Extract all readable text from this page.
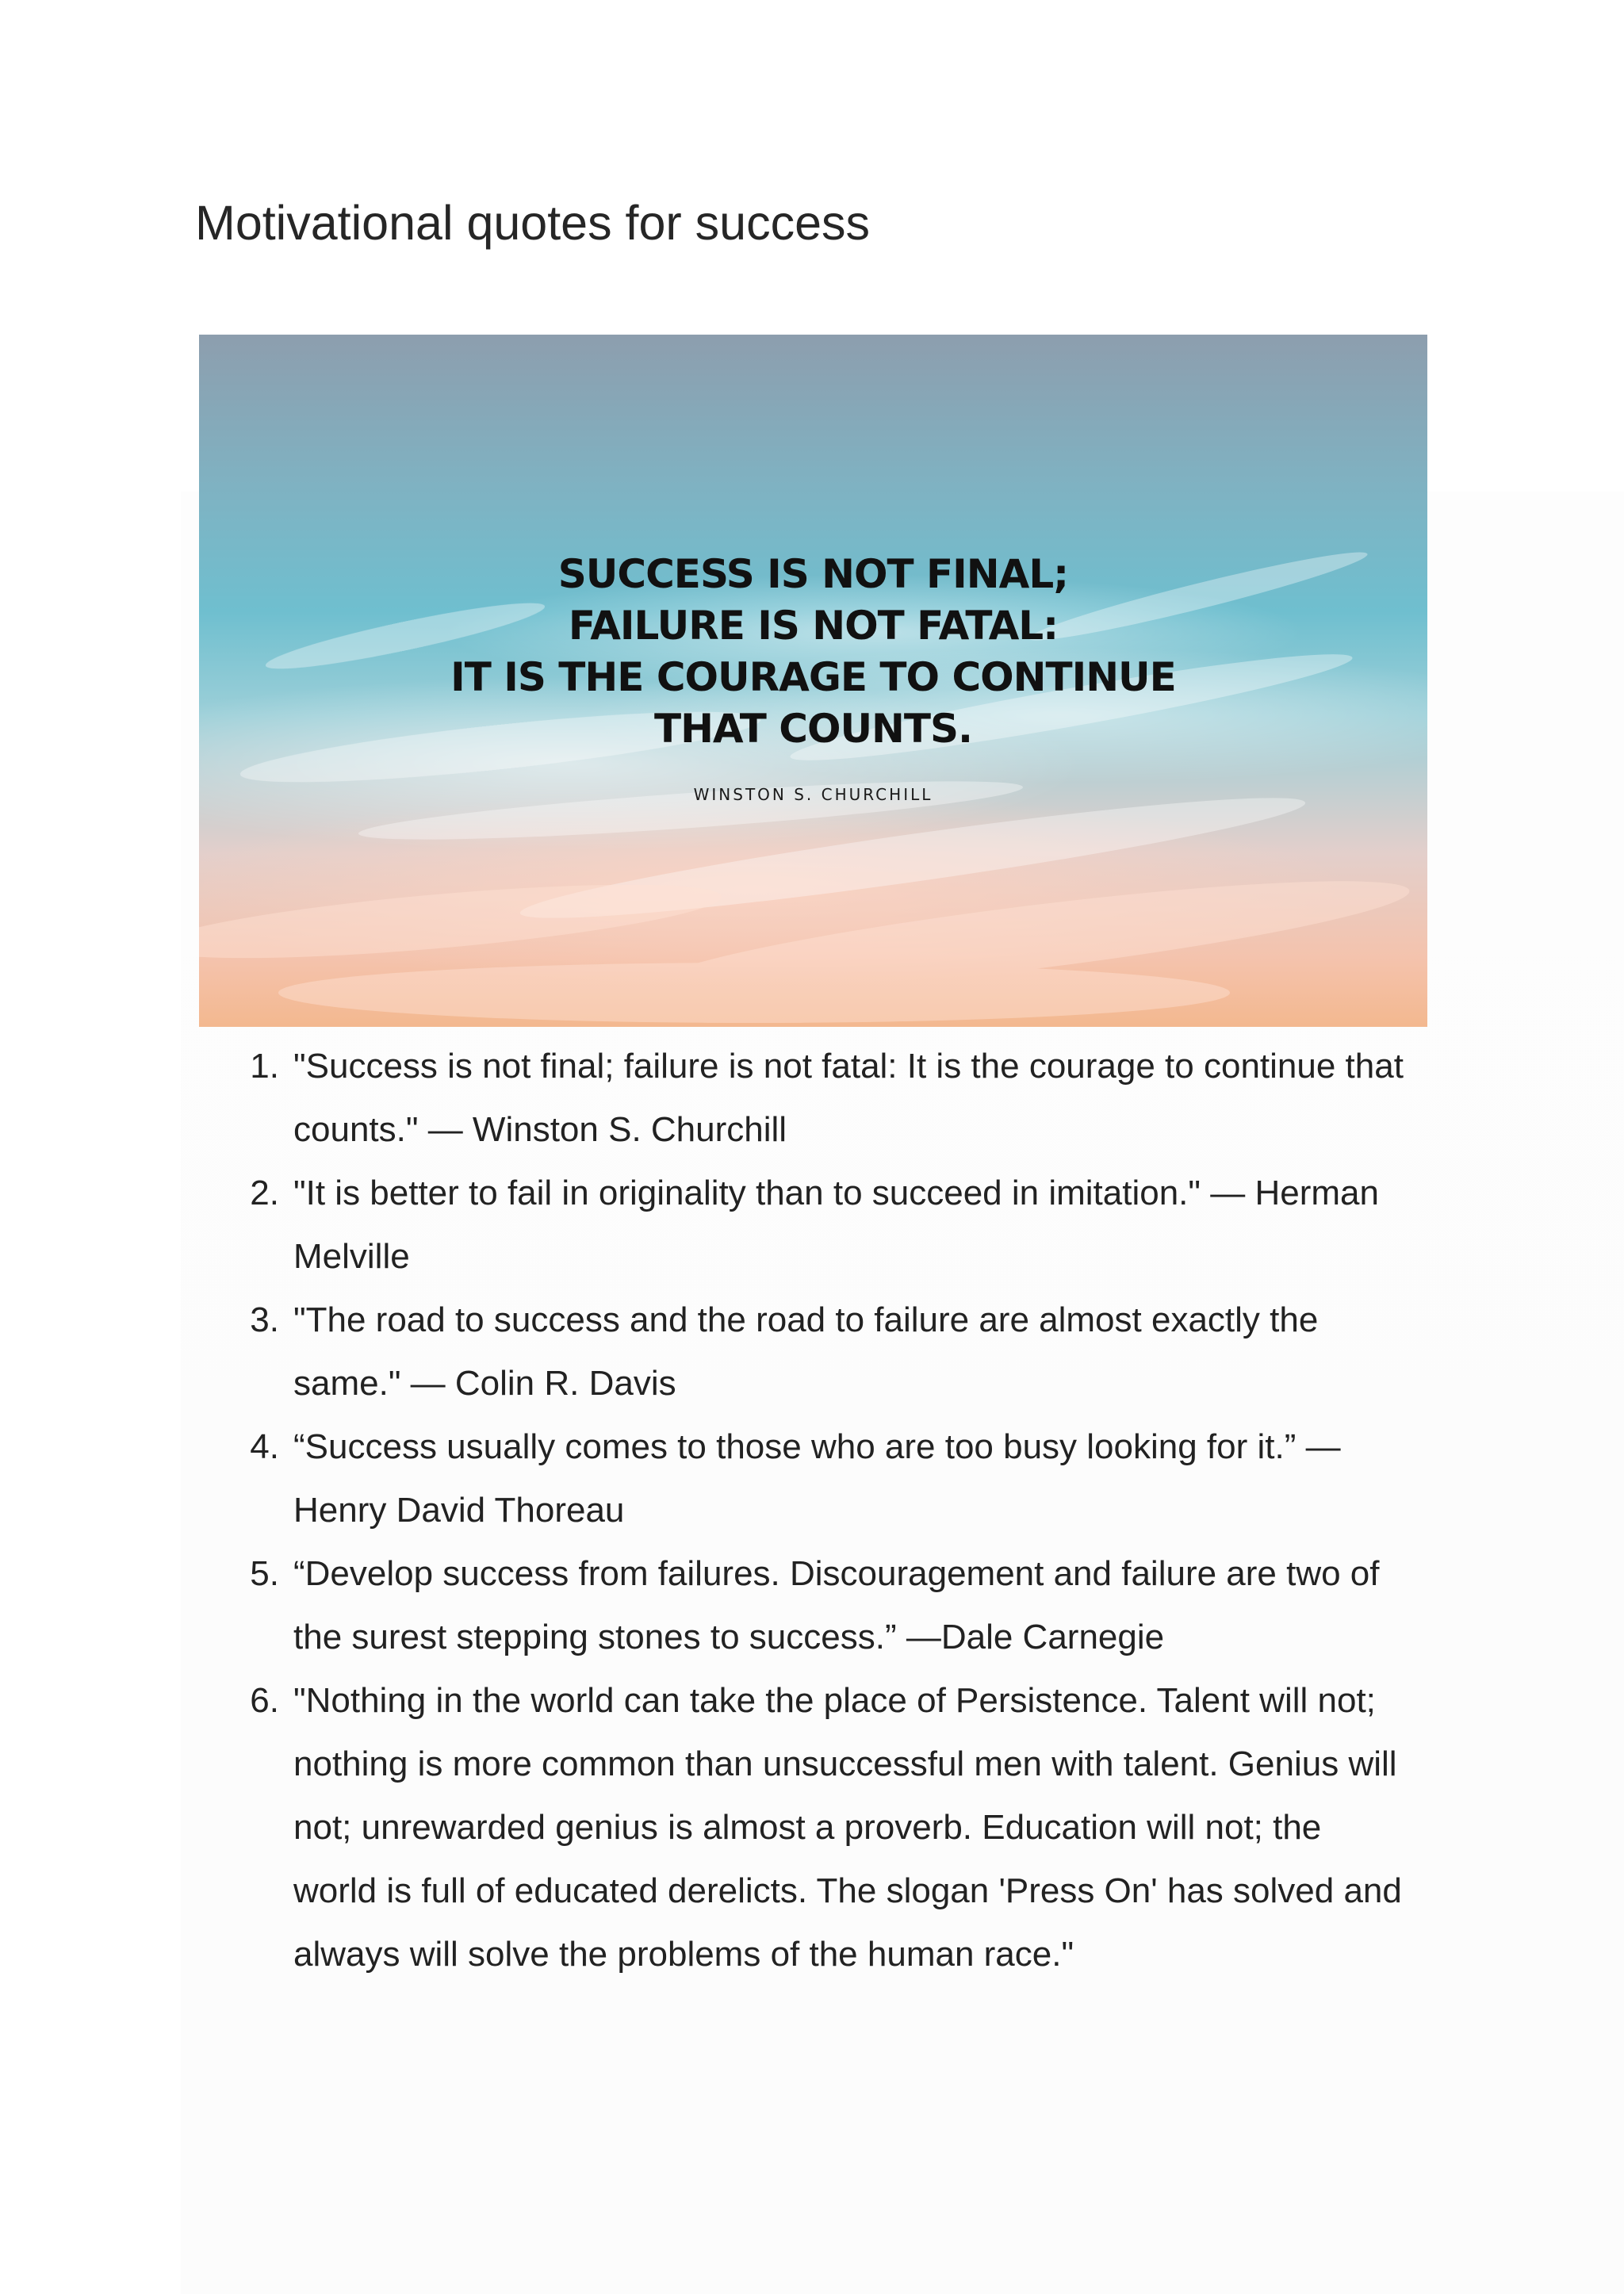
Motivational quotes for success
SUCCESS IS NOT FINAL;
FAILURE IS NOT FATAL:
IT IS THE COURAGE TO CONTINUE
THAT COUNTS.
WINSTON S. CHURCHILL
1. "Success is not final; failure is not fatal: It is the courage to continue that counts." — Winston S. Churchill
2. "It is better to fail in originality than to succeed in imitation." — Herman Melville
3. "The road to success and the road to failure are almost exactly the same." — Colin R. Davis
4. “Success usually comes to those who are too busy looking for it.” — Henry David Thoreau
5. “Develop success from failures. Discouragement and failure are two of the surest stepping stones to success.” —Dale Carnegie
6. "Nothing in the world can take the place of Persistence. Talent will not; nothing is more common than unsuccessful men with talent. Genius will not; unrewarded genius is almost a proverb. Education will not; the world is full of educated derelicts. The slogan 'Press On' has solved and always will solve the problems of the human race."
